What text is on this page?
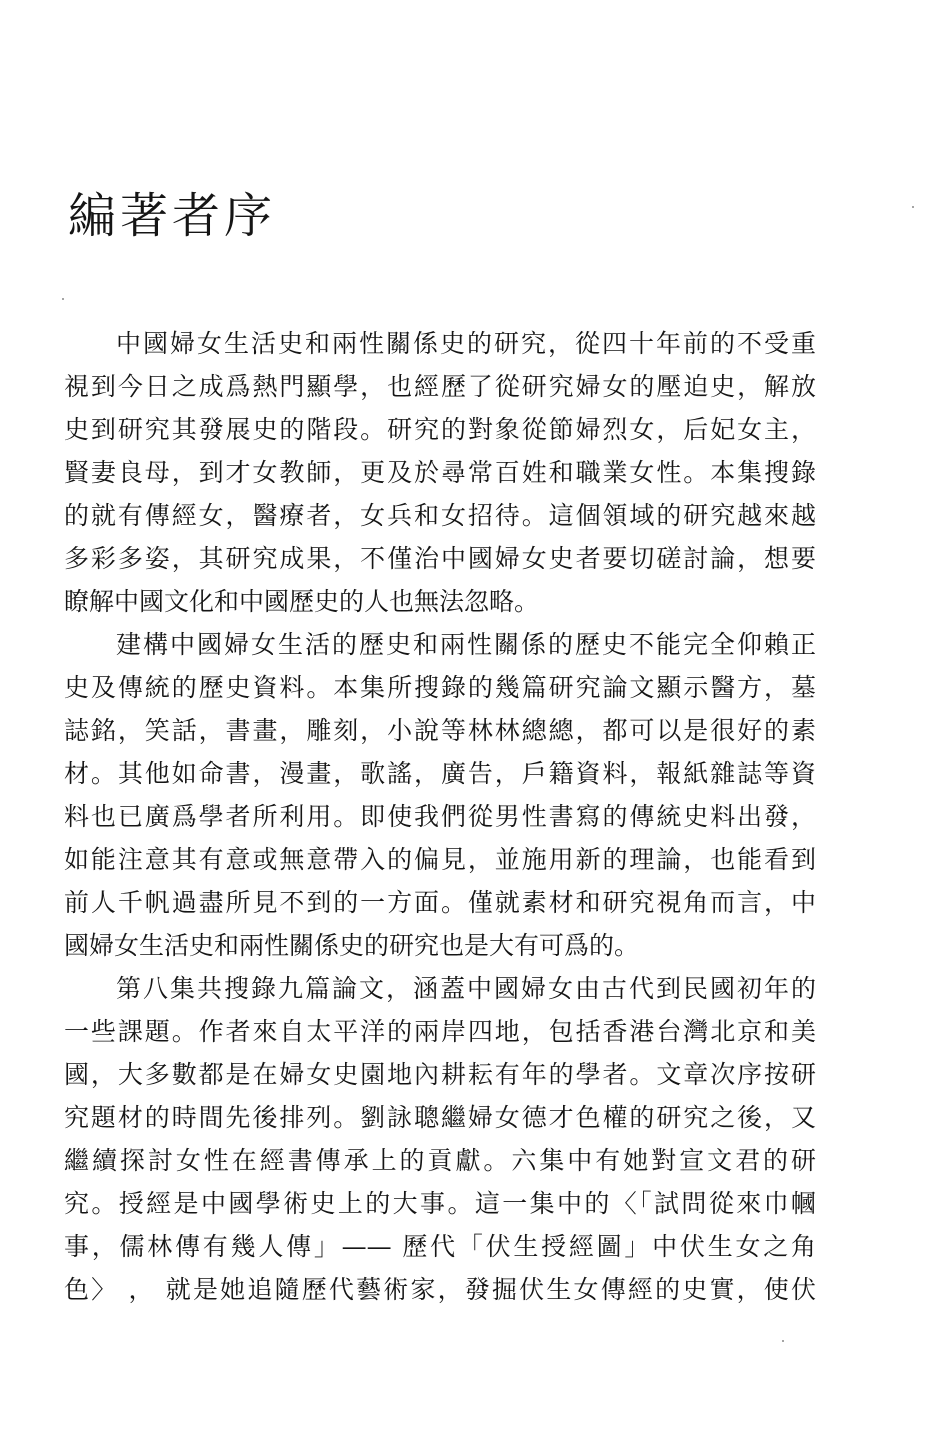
編著者序
中國婦女生活史和兩性關係史的研究，從四十年前的不受重
視到今日之成爲熱門顯學，也經歷了從研究婦女的壓迫史，解放
史到研究其發展史的階段。研究的對象從節婦烈女，后妃女主，
賢妻良母，到才女教師，更及於尋常百姓和職業女性。本集搜錄
的就有傳經女，醫療者，女兵和女招待。這個領域的研究越來越
多彩多姿，其研究成果，不僅治中國婦女史者要切磋討論，想要
瞭解中國文化和中國歷史的人也無法忽略。
建構中國婦女生活的歷史和兩性關係的歷史不能完全仰賴正
史及傳統的歷史資料。本集所搜錄的幾篇研究論文顯示醫方，墓
誌銘，笑話，書畫，雕刻，小說等林林總總，都可以是很好的素
材。其他如命書，漫畫，歌謠，廣告，戶籍資料，報紙雜誌等資
料也已廣爲學者所利用。即使我們從男性書寫的傳統史料出發，
如能注意其有意或無意帶入的偏見，並施用新的理論，也能看到
前人千帆過盡所見不到的一方面。僅就素材和研究視角而言，中
國婦女生活史和兩性關係史的研究也是大有可爲的。
第八集共搜錄九篇論文，涵蓋中國婦女由古代到民國初年的
一些課題。作者來自太平洋的兩岸四地，包括香港台灣北京和美
國，大多數都是在婦女史園地內耕耘有年的學者。文章次序按研
究題材的時間先後排列。劉詠聰繼婦女德才色權的研究之後，又
繼續探討女性在經書傳承上的貢獻。六集中有她對宣文君的研
究。授經是中國學術史上的大事。這一集中的〈「試問從來巾幗
事，儒林傳有幾人傳」—— 歷代「伏生授經圖」中伏生女之角
色〉 ， 就是她追隨歷代藝術家，發掘伏生女傳經的史實，使伏
